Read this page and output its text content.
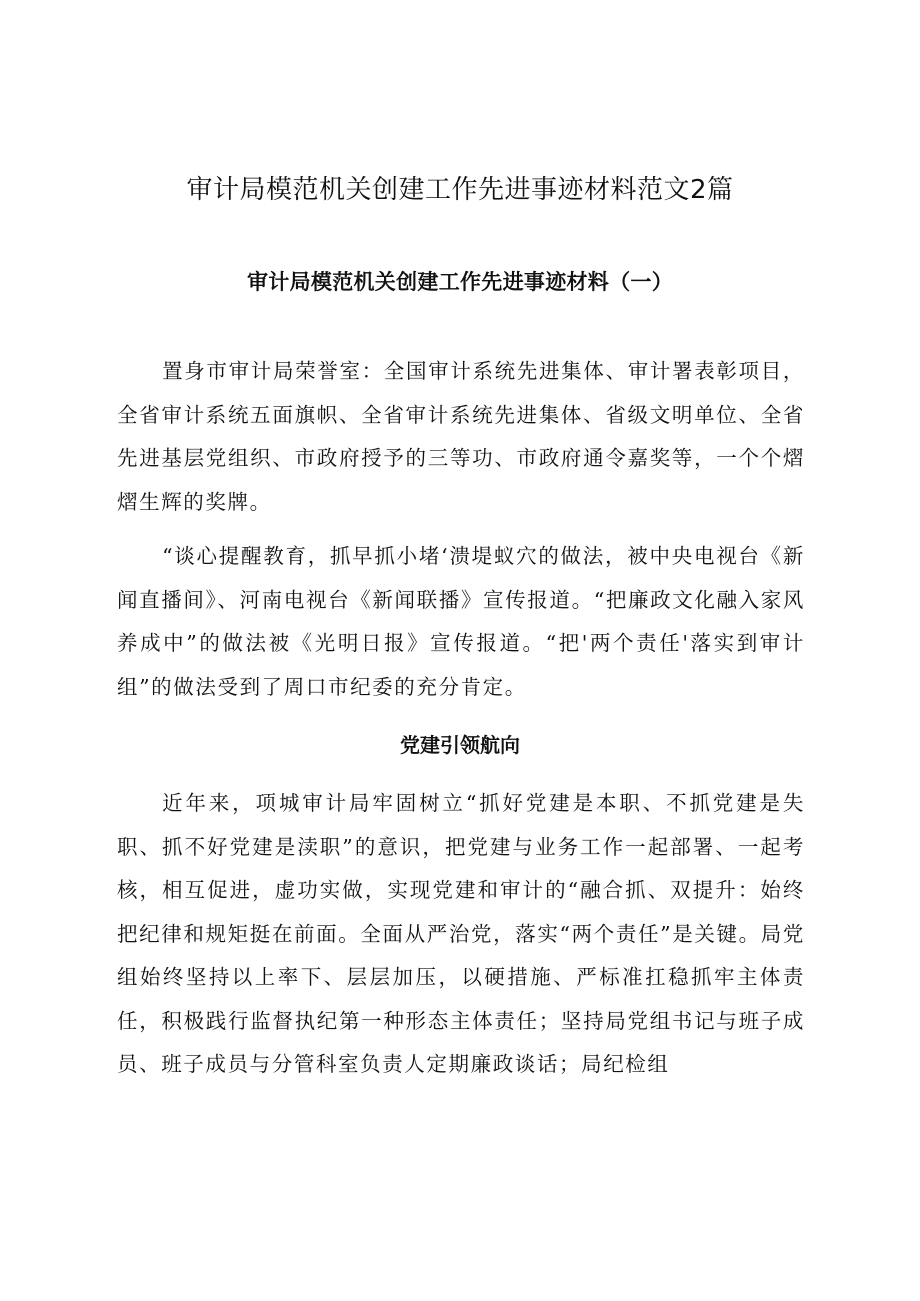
审计局模范机关创建工作先进事迹材料范文2篇
审计局模范机关创建工作先进事迹材料（一）

置身市审计局荣誉室：全国审计系统先进集体、审计署表彰项目，全省审计系统五面旗帜、全省审计系统先进集体、省级文明单位、全省先进基层党组织、市政府授予的三等功、市政府通令嘉奖等，一个个熠熠生辉的奖牌。

“谈心提醒教育，抓早抓小堵‘溃堤蚁穴的做法，被中央电视台《新闻直播间》、河南电视台《新闻联播》宣传报道。“把廉政文化融入家风养成中”的做法被《光明日报》宣传报道。“把'两个责任'落实到审计组”的做法受到了周口市纪委的充分肯定。

党建引领航向

近年来，项城审计局牢固树立“抓好党建是本职、不抓党建是失职、抓不好党建是渎职”的意识，把党建与业务工作一起部署、一起考核，相互促进，虚功实做，实现党建和审计的“融合抓、双提升：始终把纪律和规矩挺在前面。全面从严治党，落实“两个责任”是关键。局党组始终坚持以上率下、层层加压，以硬措施、严标准扛稳抓牢主体责任，积极践行监督执纪第一种形态主体责任；坚持局党组书记与班子成员、班子成员与分管科室负责人定期廉政谈话；局纪检组
